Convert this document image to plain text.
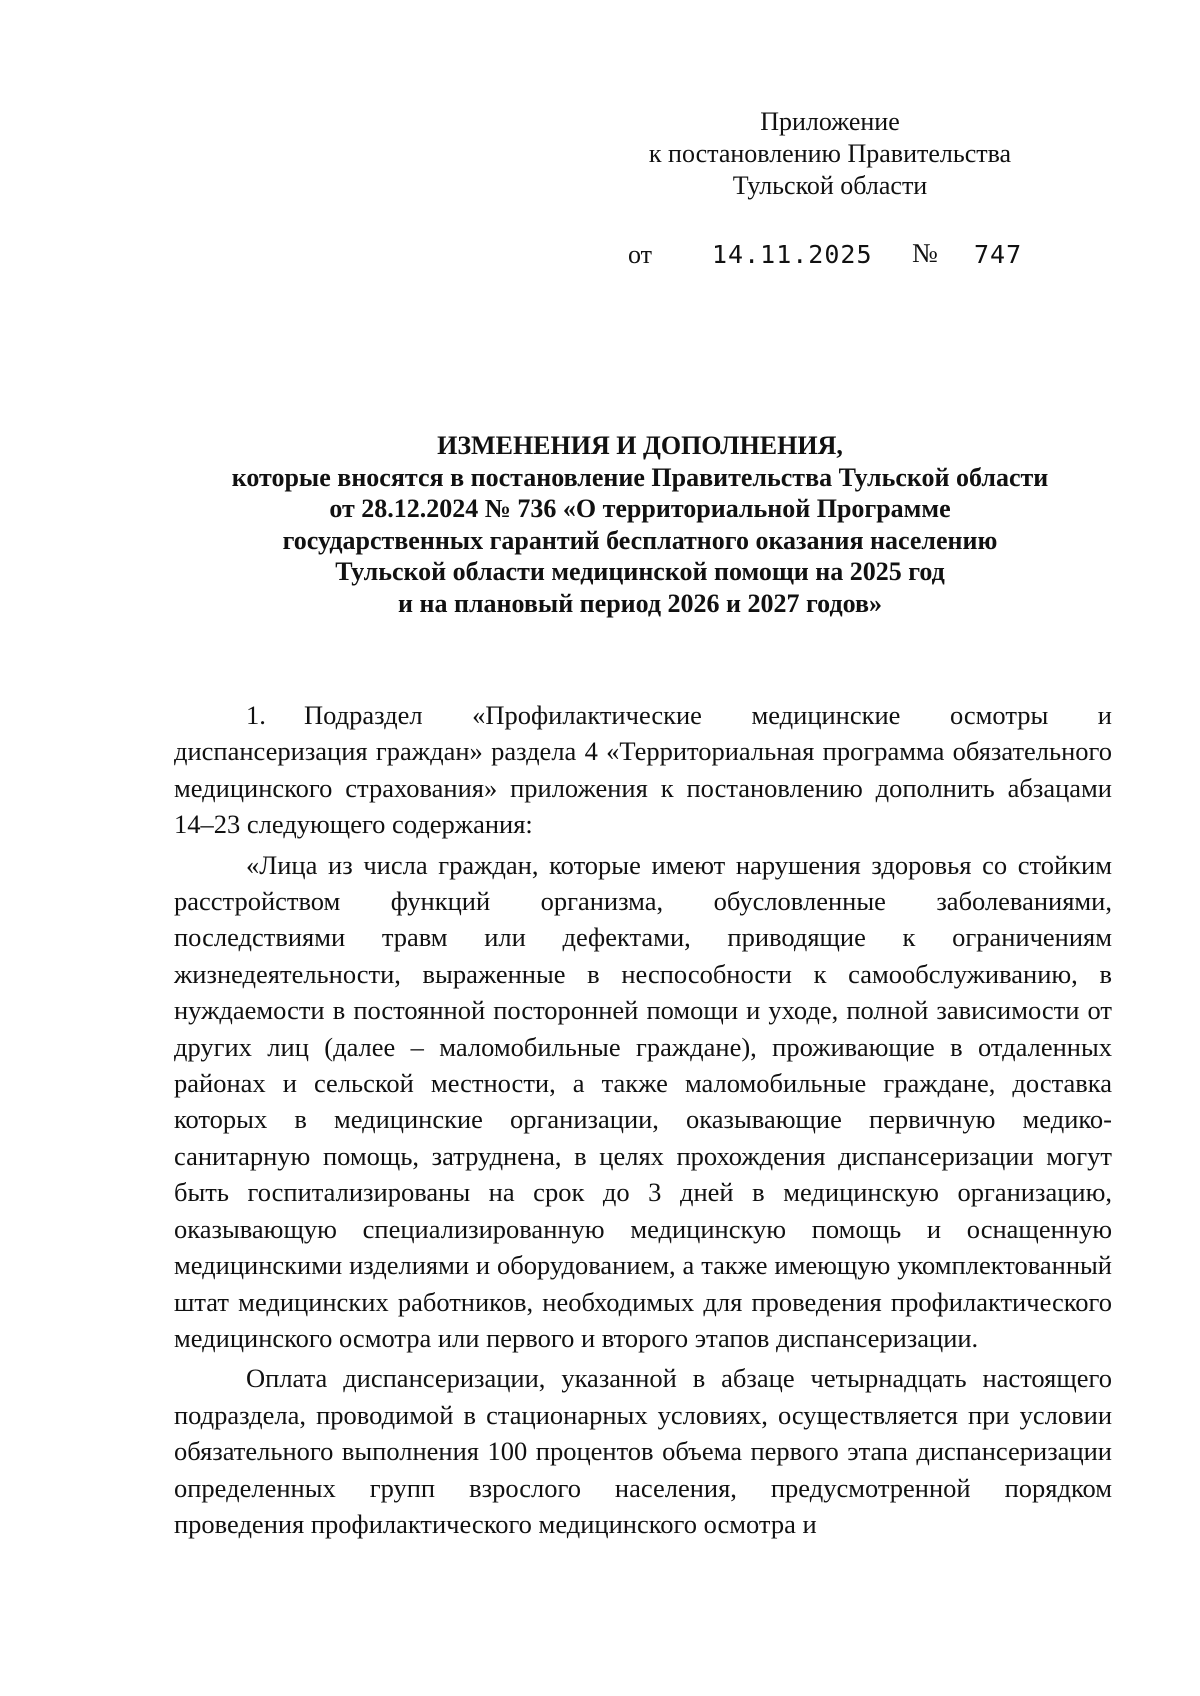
Приложение
к постановлению Правительства
Тульской области
от 14.11.2025 № 747
ИЗМЕНЕНИЯ И ДОПОЛНЕНИЯ,
которые вносятся в постановление Правительства Тульской области
от 28.12.2024 № 736 «О территориальной Программе
государственных гарантий бесплатного оказания населению
Тульской области медицинской помощи на 2025 год
и на плановый период 2026 и 2027 годов»

1. Подраздел «Профилактические медицинские осмотры и диспансеризация граждан» раздела 4 «Территориальная программа обязательного медицинского страхования» приложения к постановлению дополнить абзацами 14–23 следующего содержания:

«Лица из числа граждан, которые имеют нарушения здоровья со стойким расстройством функций организма, обусловленные заболеваниями, последствиями травм или дефектами, приводящие к ограничениям жизнедеятельности, выраженные в неспособности к самообслуживанию, в нуждаемости в постоянной посторонней помощи и уходе, полной зависимости от других лиц (далее – маломобильные граждане), проживающие в отдаленных районах и сельской местности, а также маломобильные граждане, доставка которых в медицинские организации, оказывающие первичную медико-санитарную помощь, затруднена, в целях прохождения диспансеризации могут быть госпитализированы на срок до 3 дней в медицинскую организацию, оказывающую специализированную медицинскую помощь и оснащенную медицинскими изделиями и оборудованием, а также имеющую укомплектованный штат медицинских работников, необходимых для проведения профилактического медицинского осмотра или первого и второго этапов диспансеризации.

Оплата диспансеризации, указанной в абзаце четырнадцать настоящего подраздела, проводимой в стационарных условиях, осуществляется при условии обязательного выполнения 100 процентов объема первого этапа диспансеризации определенных групп взрослого населения, предусмотренной порядком проведения профилактического медицинского осмотра и
